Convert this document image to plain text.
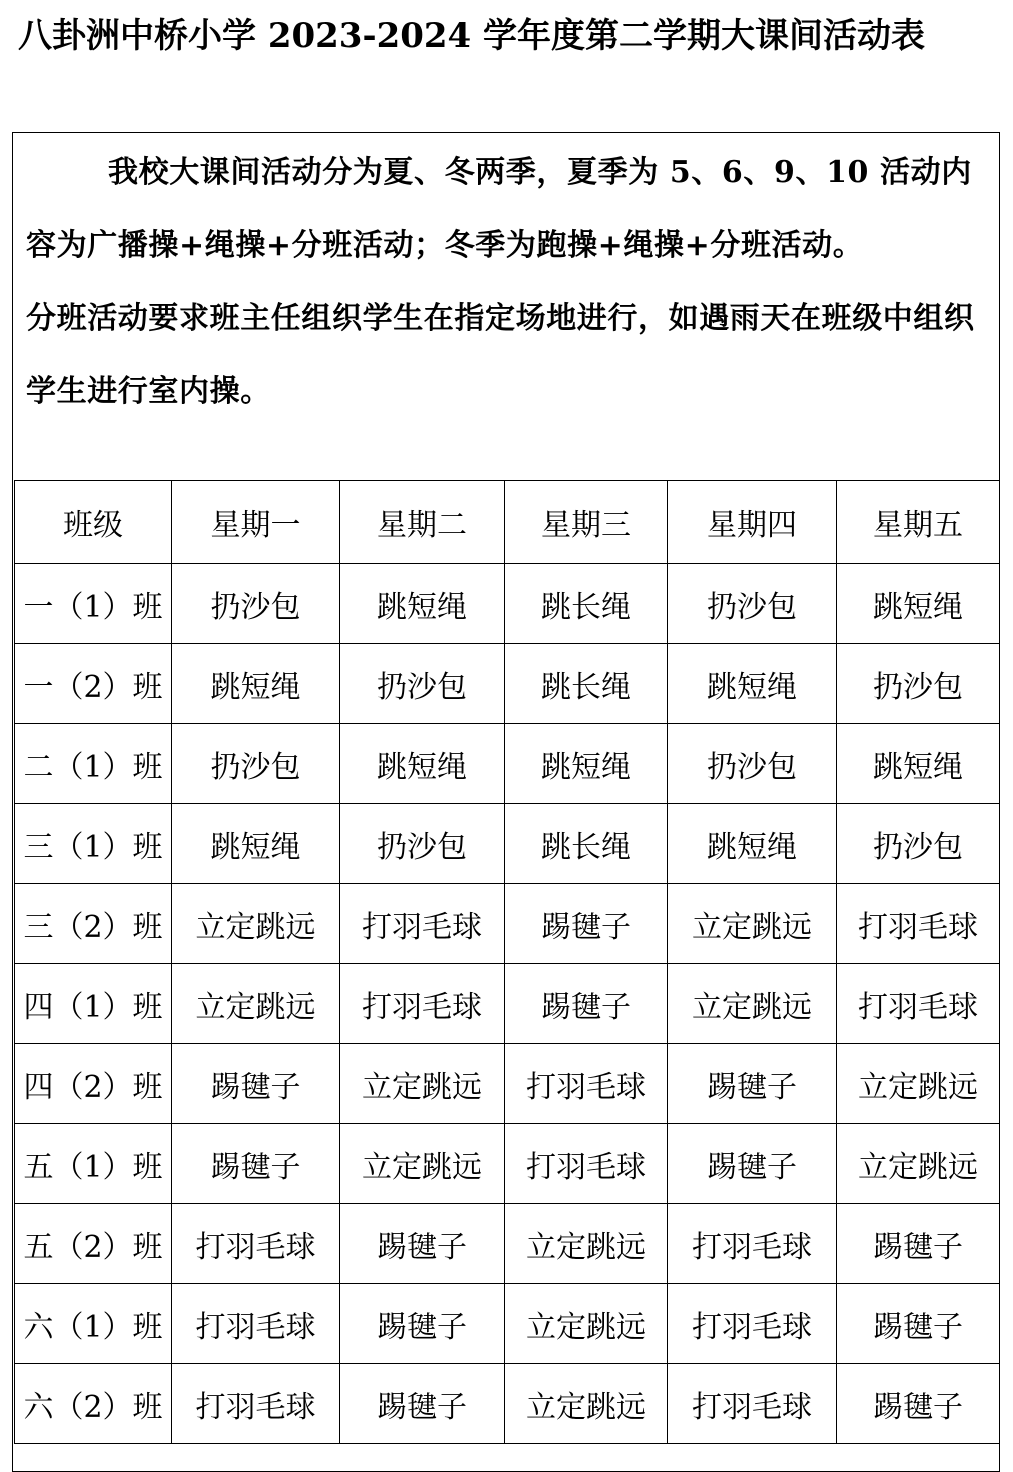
八卦洲中桥小学 2023-2024 学年度第二学期大课间活动表

我校大课间活动分为夏、冬两季，夏季为 5、6、9、10 活动内容为广播操+绳操+分班活动；冬季为跑操+绳操+分班活动。

分班活动要求班主任组织学生在指定场地进行，如遇雨天在班级中组织学生进行室内操。

班级	星期一	星期二	星期三	星期四	星期五
一（1）班	扔沙包	跳短绳	跳长绳	扔沙包	跳短绳
一（2）班	跳短绳	扔沙包	跳长绳	跳短绳	扔沙包
二（1）班	扔沙包	跳短绳	跳短绳	扔沙包	跳短绳
三（1）班	跳短绳	扔沙包	跳长绳	跳短绳	扔沙包
三（2）班	立定跳远	打羽毛球	踢毽子	立定跳远	打羽毛球
四（1）班	立定跳远	打羽毛球	踢毽子	立定跳远	打羽毛球
四（2）班	踢毽子	立定跳远	打羽毛球	踢毽子	立定跳远
五（1）班	踢毽子	立定跳远	打羽毛球	踢毽子	立定跳远
五（2）班	打羽毛球	踢毽子	立定跳远	打羽毛球	踢毽子
六（1）班	打羽毛球	踢毽子	立定跳远	打羽毛球	踢毽子
六（2）班	打羽毛球	踢毽子	立定跳远	打羽毛球	踢毽子
